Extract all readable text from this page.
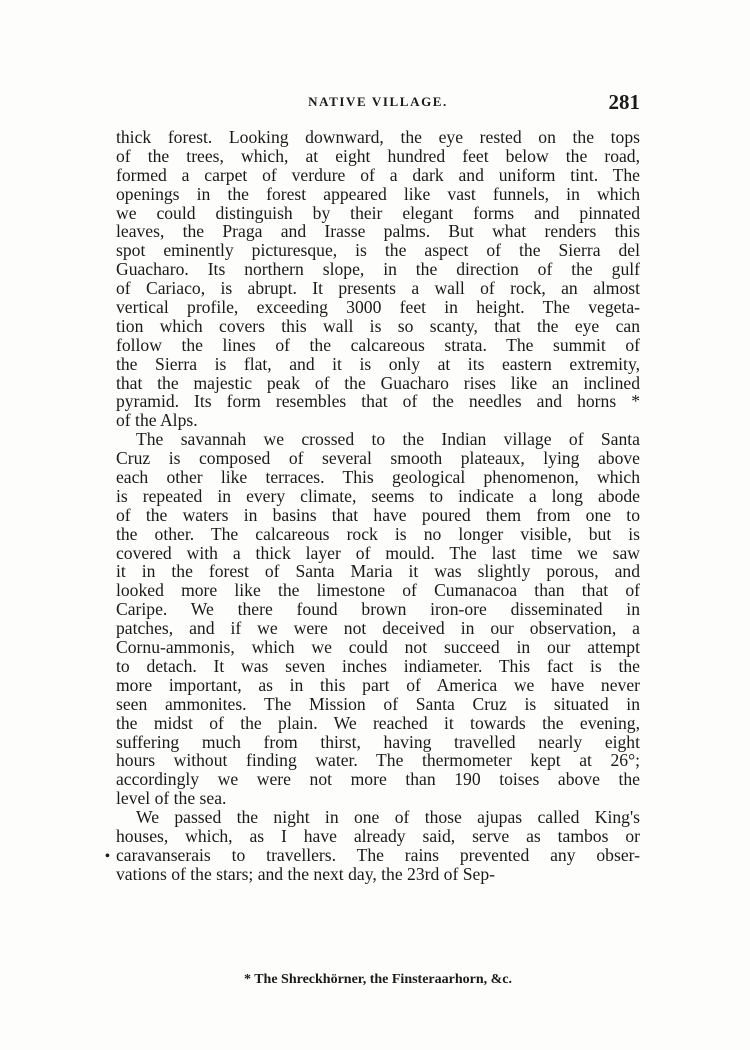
NATIVE VILLAGE.	281
thick forest. Looking downward, the eye rested on the tops
of the trees, which, at eight hundred feet below the road,
formed a carpet of verdure of a dark and uniform tint. The
openings in the forest appeared like vast funnels, in which
we could distinguish by their elegant forms and pinnated
leaves, the Praga and Irasse palms. But what renders this
spot eminently picturesque, is the aspect of the Sierra del
Guacharo. Its northern slope, in the direction of the gulf
of Cariaco, is abrupt. It presents a wall of rock, an almost
vertical profile, exceeding 3000 feet in height. The vegeta-
tion which covers this wall is so scanty, that the eye can
follow the lines of the calcareous strata. The summit of
the Sierra is flat, and it is only at its eastern extremity,
that the majestic peak of the Guacharo rises like an inclined
pyramid. Its form resembles that of the needles and horns *
of the Alps.
The savannah we crossed to the Indian village of Santa
Cruz is composed of several smooth plateaux, lying above
each other like terraces. This geological phenomenon, which
is repeated in every climate, seems to indicate a long abode
of the waters in basins that have poured them from one to
the other. The calcareous rock is no longer visible, but is
covered with a thick layer of mould. The last time we saw
it in the forest of Santa Maria it was slightly porous, and
looked more like the limestone of Cumanacoa than that of
Caripe. We there found brown iron-ore disseminated in
patches, and if we were not deceived in our observation, a
Cornu-ammonis, which we could not succeed in our attempt
to detach. It was seven inches indiameter. This fact is the
more important, as in this part of America we have never
seen ammonites. The Mission of Santa Cruz is situated in
the midst of the plain. We reached it towards the evening,
suffering much from thirst, having travelled nearly eight
hours without finding water. The thermometer kept at 26°;
accordingly we were not more than 190 toises above the
level of the sea.
We passed the night in one of those ajupas called King's
houses, which, as I have already said, serve as tambos or
caravanserais to travellers. The rains prevented any obser-
vations of the stars; and the next day, the 23rd of Sep-
•
* The Shreckhörner, the Finsteraarhorn, &c.
